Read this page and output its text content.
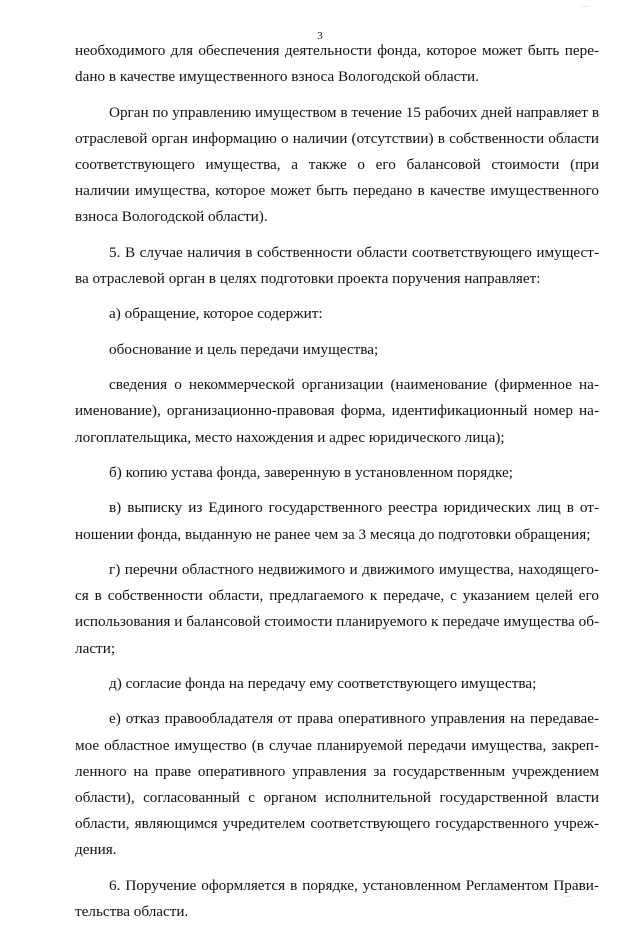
...
3

необходимого для обеспечения деятельности фонда, которое может быть переdано в качестве имущественного взноса Вологодской области.

Орган по управлению имуществом в течение 15 рабочих дней направляет в отраслевой орган информацию о наличии (отсутствии) в собственности области соответствующего имущества, а также о его балансовой стоимости (при наличии имущества, которое может быть передано в качестве имущественного взноса Вологодской области).

5. В случае наличия в собственности области соответствующего имущества отраслевой орган в целях подготовки проекта поручения направляет:

а) обращение, которое содержит:

обоснование и цель передачи имущества;

сведения о некоммерческой организации (наименование (фирменное наименование), организационно-правовая форма, идентификационный номер налогоплательщика, место нахождения и адрес юридического лица);

б) копию устава фонда, заверенную в установленном порядке;

в) выписку из Единого государственного реестра юридических лиц в отношении фонда, выданную не ранее чем за 3 месяца до подготовки обращения;

г) перечни областного недвижимого и движимого имущества, находящегося в собственности области, предлагаемого к передаче, с указанием целей его использования и балансовой стоимости планируемого к передаче имущества области;

д) согласие фонда на передачу ему соответствующего имущества;

е) отказ правообладателя от права оперативного управления на передаваемое областное имущество (в случае планируемой передачи имущества, закрепленного на праве оперативного управления за государственным учреждением области), согласованный с органом исполнительной государственной власти области, являющимся учредителем соответствующего государственного учреждения.

6. Поручение оформляется в порядке, установленном Регламентом Правительства области.

...
